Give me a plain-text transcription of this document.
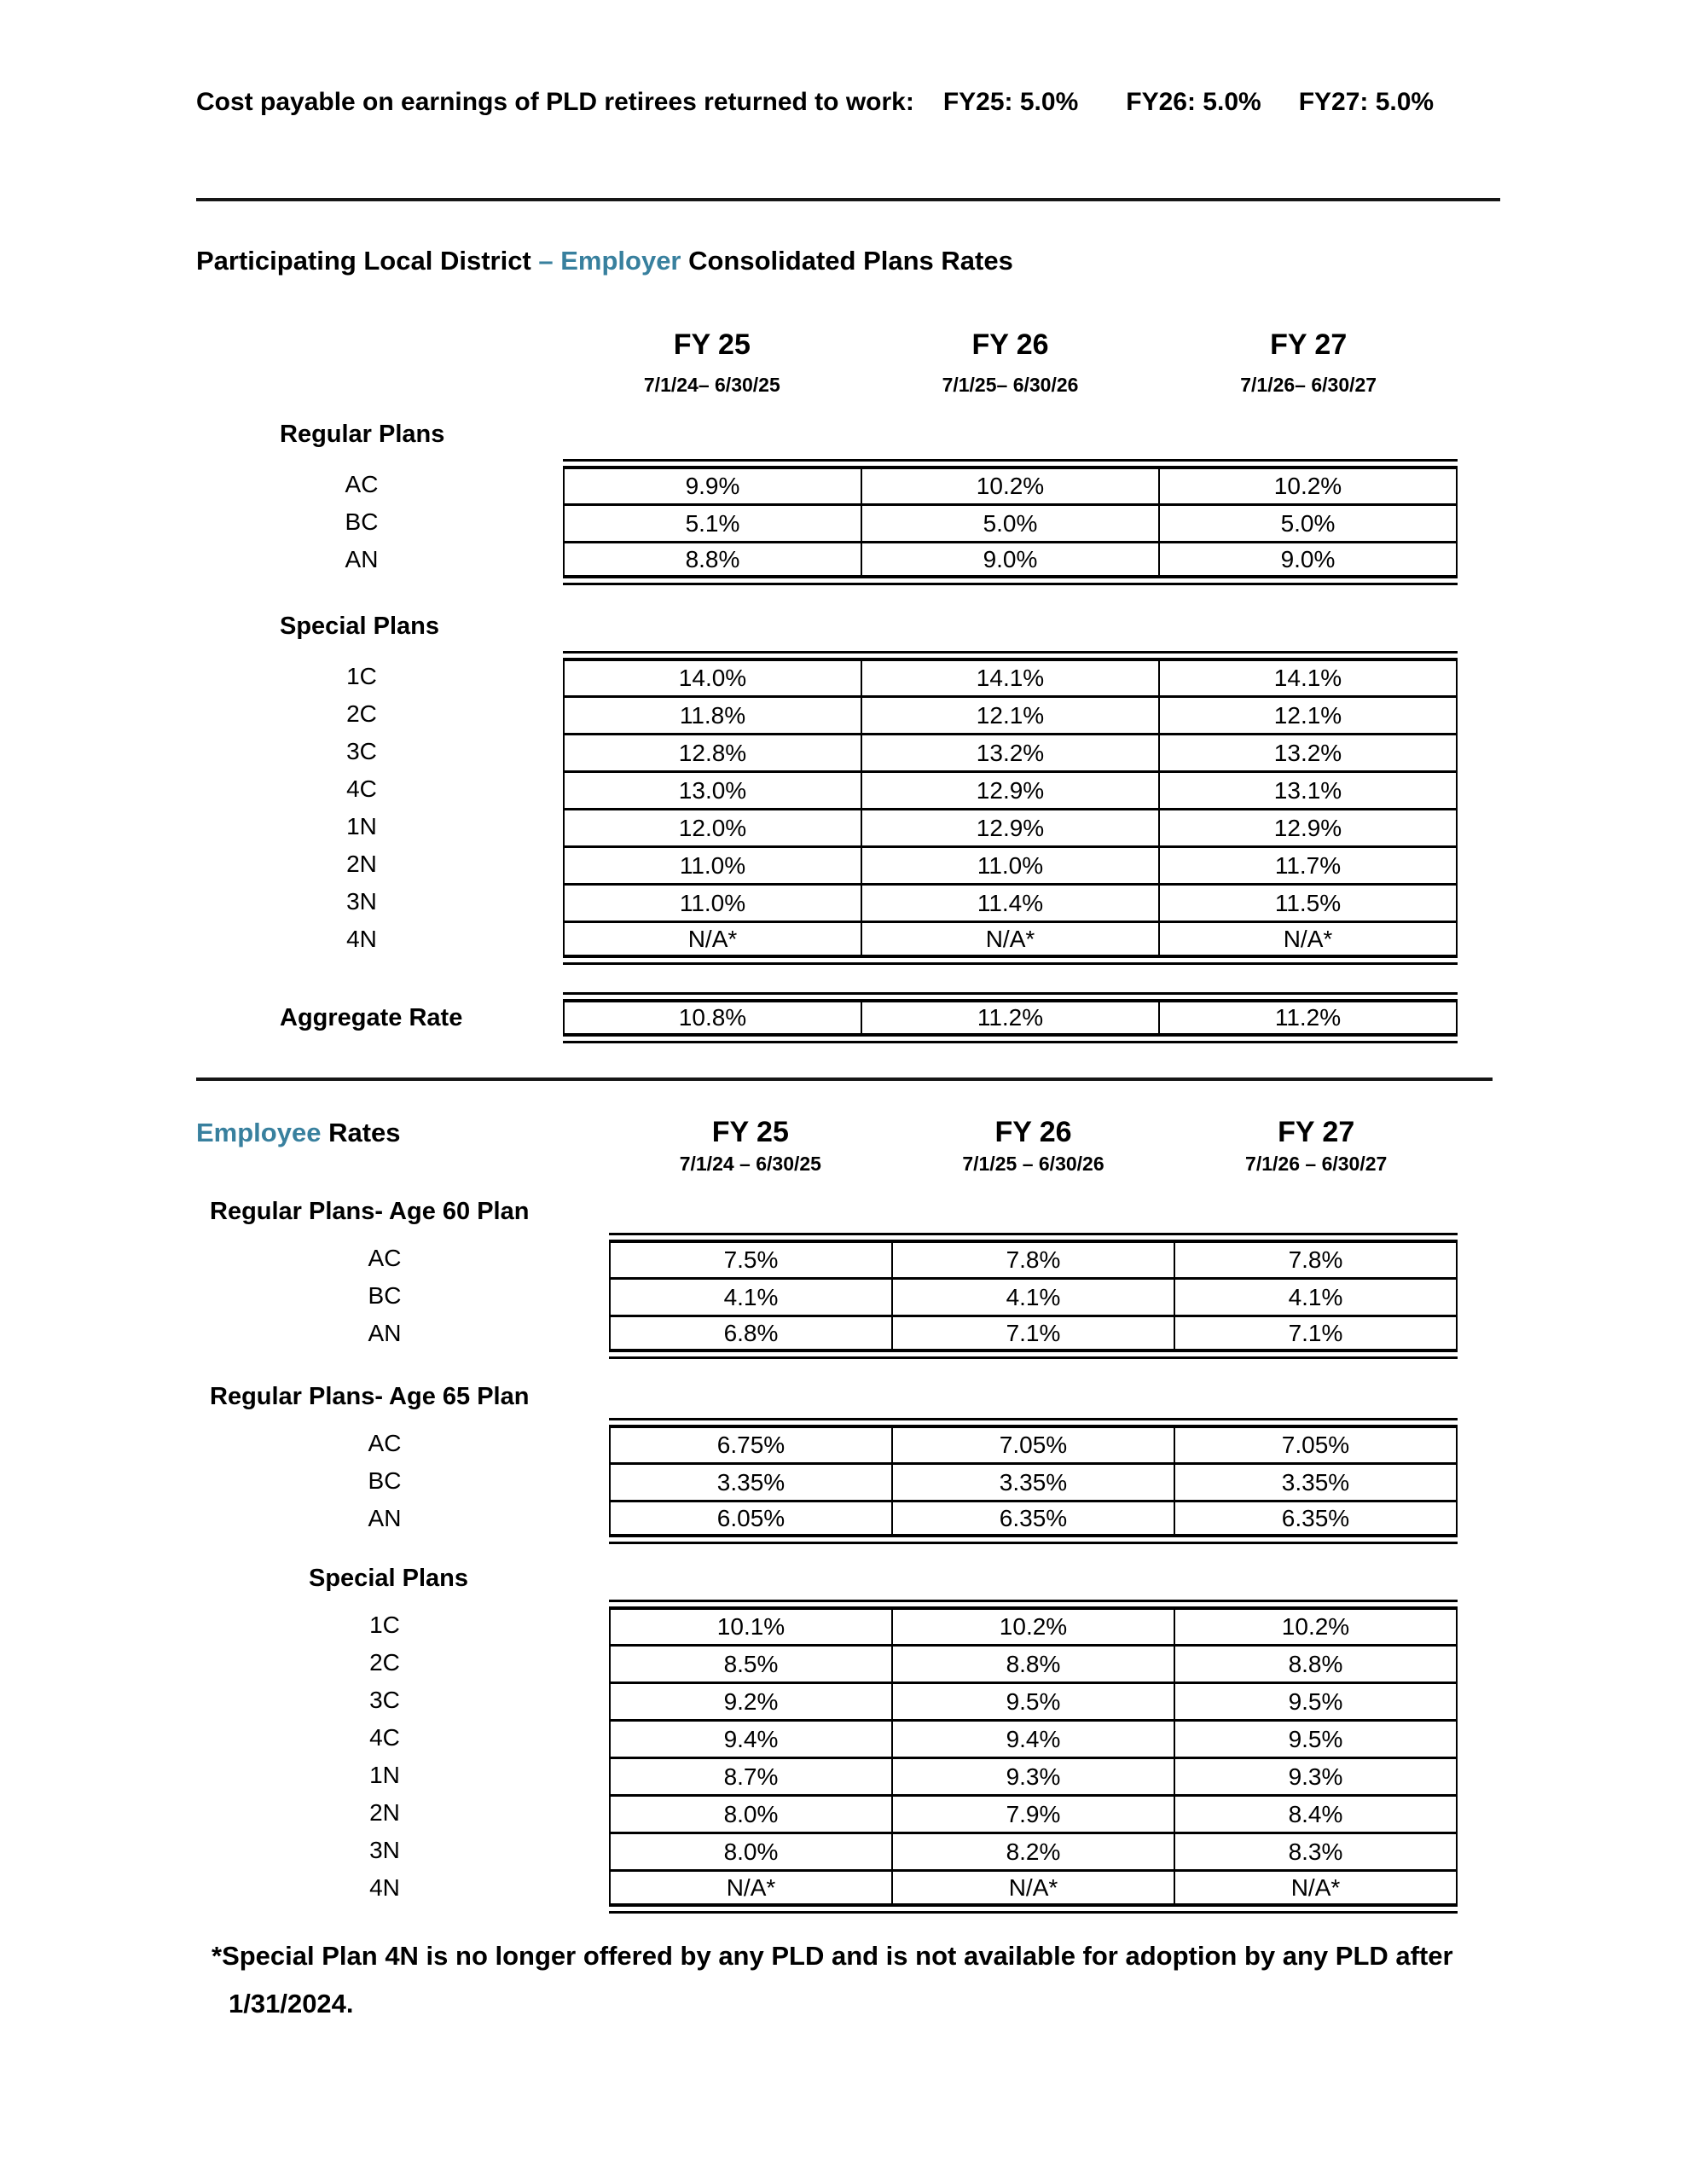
Cost payable on earnings of PLD retirees returned to work: FY25: 5.0% FY26: 5.0% FY27: 5.0%
Participating Local District – Employer Consolidated Plans Rates
FY 25	FY 26	FY 27
7/1/24– 6/30/25	7/1/25– 6/30/26	7/1/26– 6/30/27
Regular Plans
AC	9.9%	10.2%	10.2%
BC	5.1%	5.0%	5.0%
AN	8.8%	9.0%	9.0%
Special Plans
1C	14.0%	14.1%	14.1%
2C	11.8%	12.1%	12.1%
3C	12.8%	13.2%	13.2%
4C	13.0%	12.9%	13.1%
1N	12.0%	12.9%	12.9%
2N	11.0%	11.0%	11.7%
3N	11.0%	11.4%	11.5%
4N	N/A*	N/A*	N/A*
Aggregate Rate	10.8%	11.2%	11.2%
Employee Rates	FY 25	FY 26	FY 27
7/1/24 – 6/30/25	7/1/25 – 6/30/26	7/1/26 – 6/30/27
Regular Plans- Age 60 Plan
AC	7.5%	7.8%	7.8%
BC	4.1%	4.1%	4.1%
AN	6.8%	7.1%	7.1%
Regular Plans- Age 65 Plan
AC	6.75%	7.05%	7.05%
BC	3.35%	3.35%	3.35%
AN	6.05%	6.35%	6.35%
Special Plans
1C	10.1%	10.2%	10.2%
2C	8.5%	8.8%	8.8%
3C	9.2%	9.5%	9.5%
4C	9.4%	9.4%	9.5%
1N	8.7%	9.3%	9.3%
2N	8.0%	7.9%	8.4%
3N	8.0%	8.2%	8.3%
4N	N/A*	N/A*	N/A*
*Special Plan 4N is no longer offered by any PLD and is not available for adoption by any PLD after
1/31/2024.
